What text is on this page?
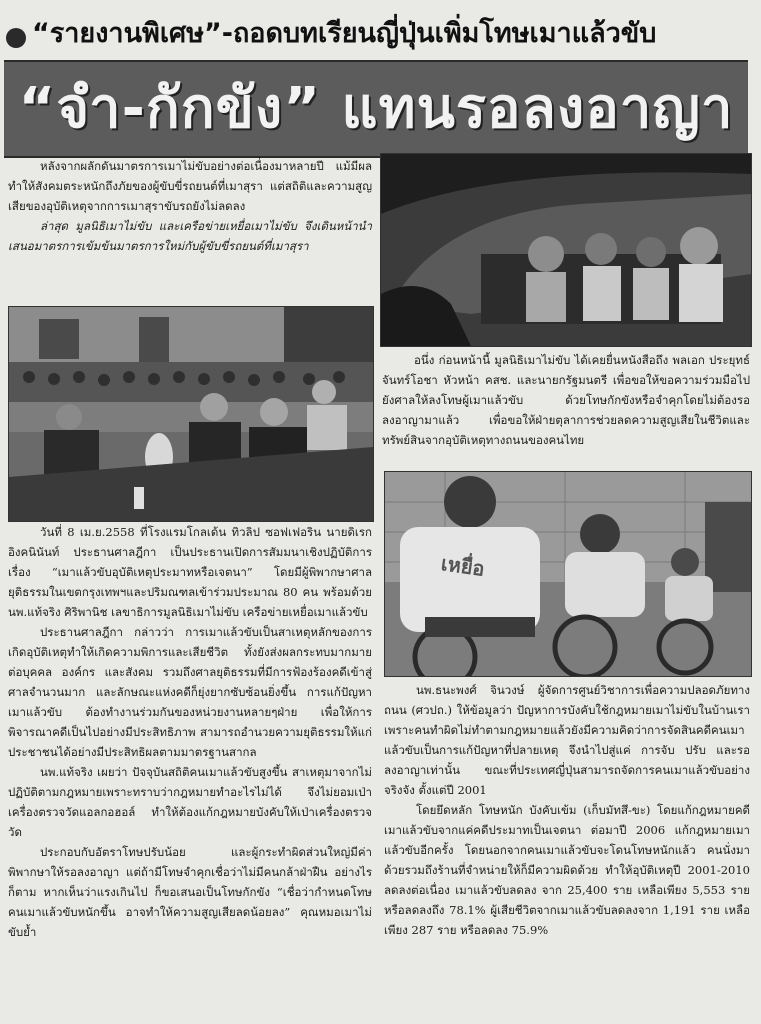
“รายงานพิเศษ”-ถอดบทเรียนญี่ปุ่นเพิ่มโทษเมาแล้วขับ
“จำ-กักขัง” แทนรอลงอาญา

หลังจากผลักดันมาตรการเมาไม่ขับอย่างต่อเนื่องมาหลายปี แม้มีผลทำให้สังคมตระหนักถึงภัยของผู้ขับขี่รถยนต์ที่เมาสุรา แต่สถิติและความสูญเสียของอุบัติเหตุจากการเมาสุราขับรถยังไม่ลดลง

ล่าสุด มูลนิธิเมาไม่ขับ และเครือข่ายเหยื่อเมาไม่ขับ จึงเดินหน้านำเสนอมาตรการเข้มข้นมาตรการใหม่กับผู้ขับขี่รถยนต์ที่เมาสุรา

อนึ่ง ก่อนหน้านี้ มูลนิธิเมาไม่ขับ ได้เคยยื่นหนังสือถึง พลเอก ประยุทธ์ จันทร์โอชา หัวหน้า คสช. และนายกรัฐมนตรี เพื่อขอให้ขอความร่วมมือไปยังศาลให้ลงโทษผู้เมาแล้วขับ ด้วยโทษกักขังหรือจำคุกโดยไม่ต้องรอลงอาญามาแล้ว เพื่อขอให้ฝ่ายตุลาการช่วยลดความสูญเสียในชีวิตและทรัพย์สินจากอุบัติเหตุทางถนนของคนไทย

เหยื่อ

วันที่ 8 เม.ย.2558 ที่โรงแรมโกลเด้น ทิวลิป ซอฟเฟอริน นายดิเรก อิงคนินันท์ ประธานศาลฎีกา เป็นประธานเปิดการสัมมนาเชิงปฏิบัติการ เรื่อง “เมาแล้วขับอุบัติเหตุประมาทหรือเจตนา” โดยมีผู้พิพากษาศาลยุติธรรมในเขตกรุงเทพฯและปริมณฑลเข้าร่วมประมาณ 80 คน พร้อมด้วย นพ.แท้จริง ศิริพานิช เลขาธิการมูลนิธิเมาไม่ขับ เครือข่ายเหยื่อเมาแล้วขับ

ประธานศาลฎีกา กล่าวว่า การเมาแล้วขับเป็นสาเหตุหลักของการเกิดอุบัติเหตุทำให้เกิดความพิการและเสียชีวิต ทั้งยังส่งผลกระทบมากมายต่อบุคคล องค์กร และสังคม รวมถึงศาลยุติธรรมที่มีการฟ้องร้องคดีเข้าสู่ศาลจำนวนมาก และลักษณะแห่งคดีก็ยุ่งยากซับซ้อนยิ่งขึ้น การแก้ปัญหาเมาแล้วขับ ต้องทำงานร่วมกันของหน่วยงานหลายๆฝ่าย เพื่อให้การพิจารณาคดีเป็นไปอย่างมีประสิทธิภาพ สามารถอำนวยความยุติธรรมให้แก่ประชาชนได้อย่างมีประสิทธิผลตามมาตรฐานสากล

นพ.แท้จริง เผยว่า ปัจจุบันสถิติคนเมาแล้วขับสูงขึ้น สาเหตุมาจากไม่ปฏิบัติตามกฎหมายเพราะทราบว่ากฎหมายทำอะไรไม่ได้ จึงไม่ยอมเป่าเครื่องตรวจวัดแอลกอฮอล์ ทำให้ต้องแก้กฎหมายบังคับให้เป่าเครื่องตรวจวัด

ประกอบกับอัตราโทษปรับน้อย และผู้กระทำผิดส่วนใหญ่มีค่าพิพากษาให้รอลงอาญา แต่ถ้ามีโทษจำคุกเชื่อว่าไม่มีคนกล้าฝ่าฝืน อย่างไรก็ตาม หากเห็นว่าแรงเกินไป ก็ขอเสนอเป็นโทษกักขัง “เชื่อว่ากำหนดโทษคนเมาแล้วขับหนักขึ้น อาจทำให้ความสูญเสียลดน้อยลง” คุณหมอเมาไม่ขับย้ำ

นพ.ธนะพงศ์ จินวงษ์ ผู้จัดการศูนย์วิชาการเพื่อความปลอดภัยทางถนน (ศวปถ.) ให้ข้อมูลว่า ปัญหาการบังคับใช้กฎหมายเมาไม่ขับในบ้านเราเพราะคนทำผิดไม่ทำตามกฎหมายแล้วยังมีความคิดว่าการจัดสินคดีคนเมาแล้วขับเป็นการแก้ปัญหาที่ปลายเหตุ จึงนำไปสู่แค่ การจับ ปรับ และรอลงอาญาเท่านั้น ขณะที่ประเทศญี่ปุ่นสามารถจัดการคนเมาแล้วขับอย่างจริงจัง ตั้งแต่ปี 2001

โดยยึดหลัก โทษหนัก บังคับเข้ม (เก็บมัทสึ-ขะ) โดยแก้กฎหมายคดีเมาแล้วขับจากแค่คดีประมาทเป็นเจตนา ต่อมาปี 2006 แก้กฎหมายเมาแล้วขับอีกครั้ง โดยนอกจากคนเมาแล้วขับจะโดนโทษหนักแล้ว คนนั่งมาด้วยรวมถึงร้านที่จำหน่ายให้ก็มีความผิดด้วย ทำให้อุบัติเหตุปี 2001-2010 ลดลงต่อเนื่อง เมาแล้วขับลดลง จาก 25,400 ราย เหลือเพียง 5,553 ราย หรือลดลงถึง 78.1% ผู้เสียชีวิตจากเมาแล้วขับลดลงจาก 1,191 ราย เหลือเพียง 287 ราย หรือลดลง 75.9%
